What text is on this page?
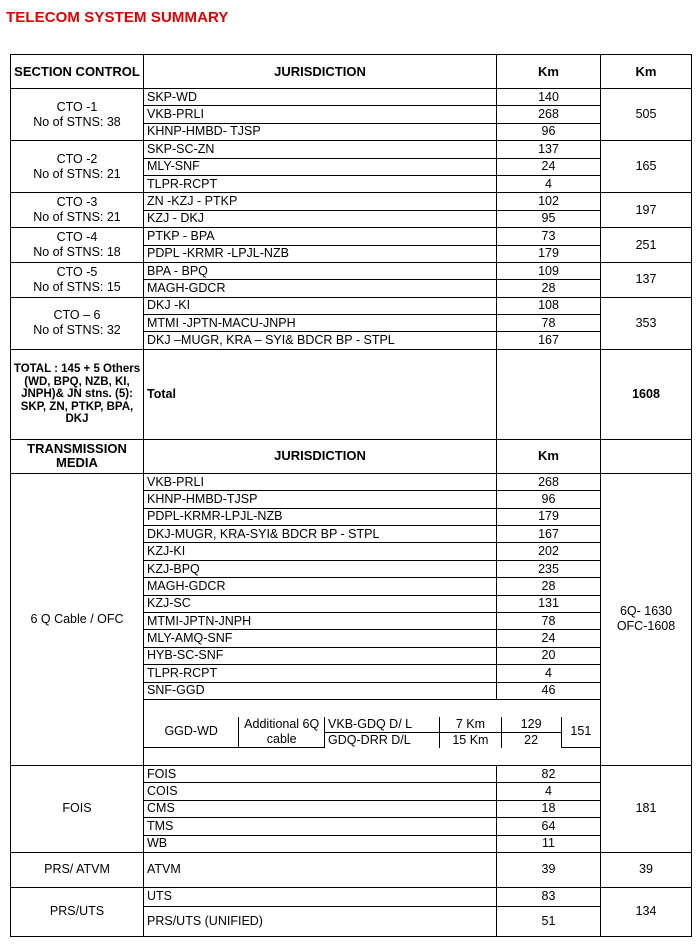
TELECOM SYSTEM SUMMARY
SECTION CONTROL	JURISDICTION	Km	Km

CTO -1
No of STNS: 38
	SKP-WD	140	505
VKB-PRLI	268
KHNP-HMBD- TJSP	96

CTO -2
No of STNS: 21
	SKP-SC-ZN	137	165
MLY-SNF	24
TLPR-RCPT	4

CTO -3
No of STNS: 21
	ZN -KZJ - PTKP	102	197
KZJ - DKJ	95

CTO -4
No of STNS: 18
	PTKP - BPA	73	251
PDPL -KRMR -LPJL-NZB	179

CTO -5
No of STNS: 15
	BPA - BPQ	109	137
MAGH-GDCR	28

CTO – 6
No of STNS: 32
	DKJ -KI	108	353
MTMI -JPTN-MACU-JNPH	78
DKJ –MUGR, KRA – SYI& BDCR BP - STPL	167
TOTAL : 145 + 5 Others (WD, BPQ, NZB, KI, JNPH)& JN stns. (5): SKP, ZN, PTKP, BPA, DKJ	Total		1608
TRANSMISSION MEDIA	JURISDICTION	Km	
6 Q Cable / OFC	VKB-PRLI	268	
6Q- 1630
OFC-1608

KHNP-HMBD-TJSP	96
PDPL-KRMR-LPJL-NZB	179
DKJ-MUGR, KRA-SYI& BDCR BP - STPL	167
KZJ-KI	202
KZJ-BPQ	235
MAGH-GDCR	28
KZJ-SC	131
MTMI-JPTN-JNPH	78
MLY-AMQ-SNF	24
HYB-SC-SNF	20
TLPR-RCPT	4
SNF-GGD	46

GGD-WD	Additional 6Q cable	VKB-GDQ D/ L	7 Km	129	151
GDQ-DRR D/L	15 Km	22

FOIS	FOIS	82	181
COIS	4
CMS	18
TMS	64
WB	11
PRS/ ATVM	ATVM	39	39
PRS/UTS	UTS	83	134
PRS/UTS (UNIFIED)	51
